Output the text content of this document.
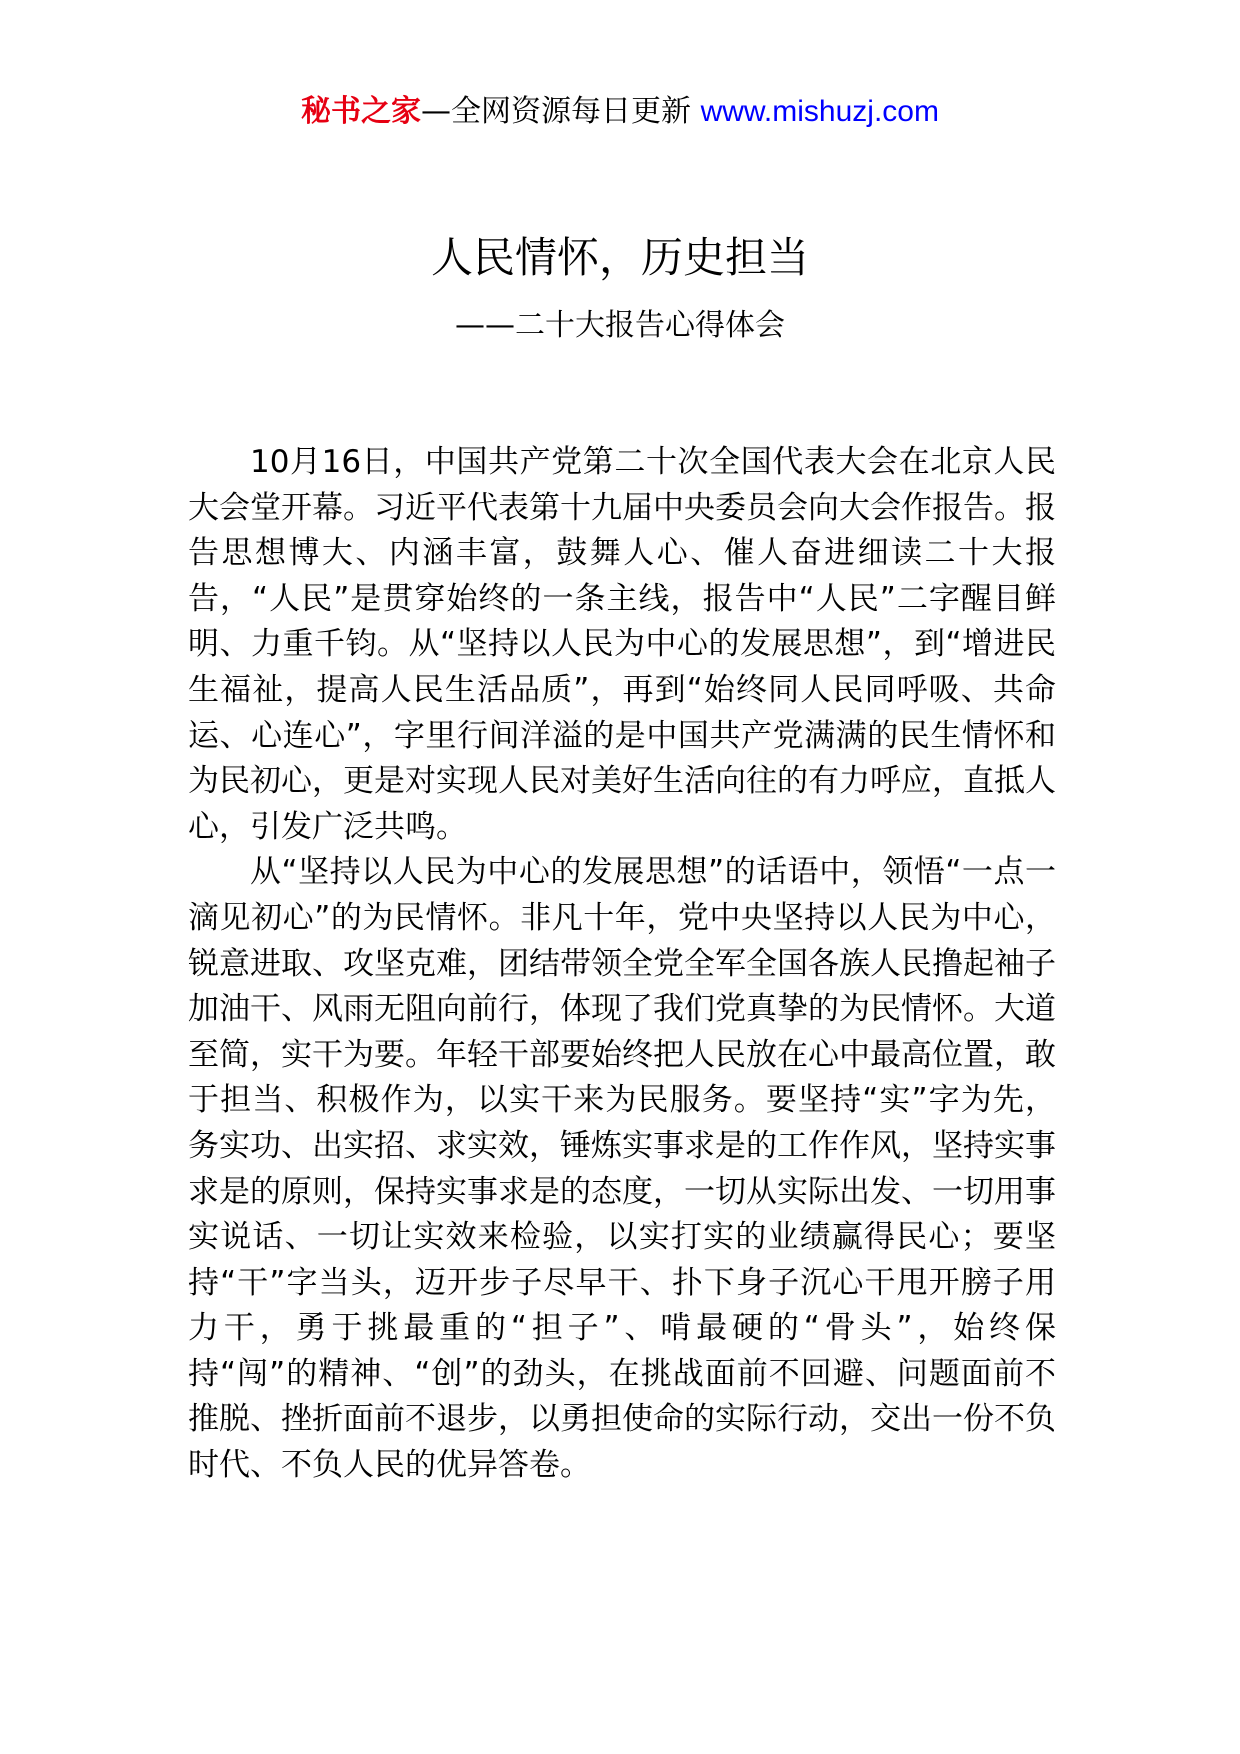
秘书之家—全网资源每日更新 www.mishuzj.com
人民情怀，历史担当
——二十大报告心得体会

10月16日，中国共产党第二十次全国代表大会在北京人民大会堂开幕。习近平代表第十九届中央委员会向大会作报告。报告思想博大、内涵丰富，鼓舞人心、催人奋进细读二十大报告，“人民”是贯穿始终的一条主线，报告中“人民”二字醒目鲜明、力重千钧。从“坚持以人民为中心的发展思想”，到“增进民生福祉，提高人民生活品质”，再到“始终同人民同呼吸、共命运、心连心”，字里行间洋溢的是中国共产党满满的民生情怀和为民初心，更是对实现人民对美好生活向往的有力呼应，直抵人心，引发广泛共鸣。

从“坚持以人民为中心的发展思想”的话语中，领悟“一点一滴见初心”的为民情怀。非凡十年，党中央坚持以人民为中心，锐意进取、攻坚克难，团结带领全党全军全国各族人民撸起袖子加油干、风雨无阻向前行，体现了我们党真挚的为民情怀。大道至简，实干为要。年轻干部要始终把人民放在心中最高位置，敢于担当、积极作为，以实干来为民服务。要坚持“实”字为先，务实功、出实招、求实效，锤炼实事求是的工作作风，坚持实事求是的原则，保持实事求是的态度，一切从实际出发、一切用事实说话、一切让实效来检验，以实打实的业绩赢得民心；要坚持“干”字当头，迈开步子尽早干、扑下身子沉心干甩开膀子用力干，勇于挑最重的“担子”、啃最硬的“骨头”，始终保持“闯”的精神、“创”的劲头，在挑战面前不回避、问题面前不推脱、挫折面前不退步，以勇担使命的实际行动，交出一份不负时代、不负人民的优异答卷。
